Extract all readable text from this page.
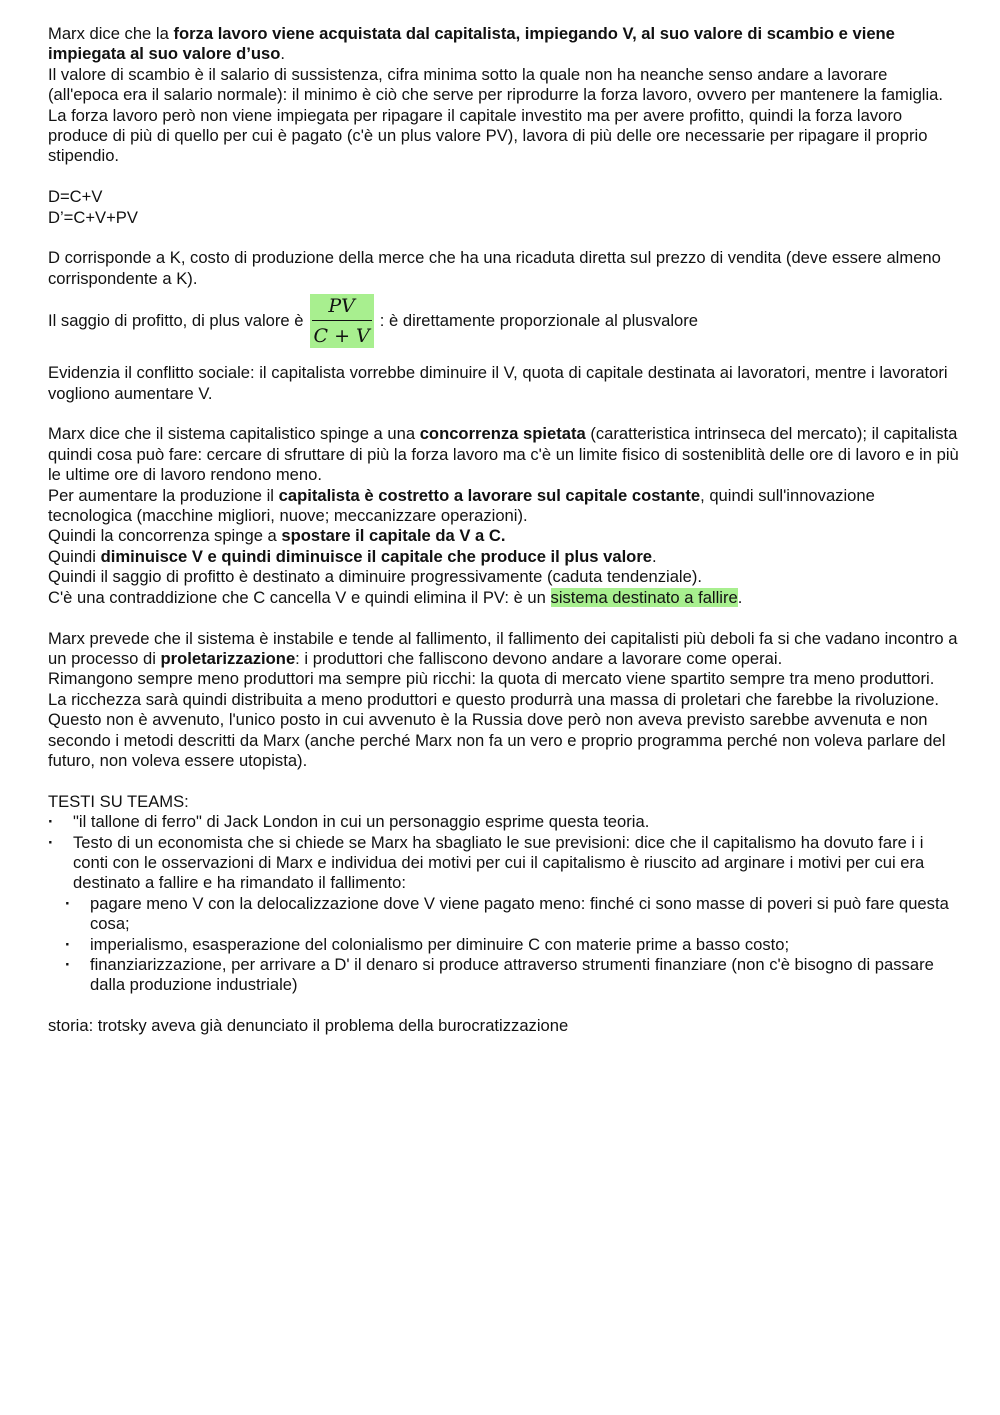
Marx dice che la forza lavoro viene acquistata dal capitalista, impiegando V, al suo valore di scambio e viene impiegata al suo valore d’uso.

Il valore di scambio è il salario di sussistenza, cifra minima sotto la quale non ha neanche senso andare a lavorare (all'epoca era il salario normale): il minimo è ciò che serve per riprodurre la forza lavoro, ovvero per mantenere la famiglia.

La forza lavoro però non viene impiegata per ripagare il capitale investito ma per avere profitto, quindi la forza lavoro produce di più di quello per cui è pagato (c'è un plus valore PV), lavora di più delle ore necessarie per ripagare il proprio stipendio.

D=C+V

D’=C+V+PV

D corrisponde a K, costo di produzione della merce che ha una ricaduta diretta sul prezzo di vendita (deve essere almeno corrispondente a K).

Il saggio di profitto, di plus valore è $\frac{PV}{C + V}$ : è direttamente proporzionale al plusvalore

Evidenzia il conflitto sociale: il capitalista vorrebbe diminuire il V, quota di capitale destinata ai lavoratori, mentre i lavoratori vogliono aumentare V.

Marx dice che il sistema capitalistico spinge a una concorrenza spietata (caratteristica intrinseca del mercato); il capitalista quindi cosa può fare: cercare di sfruttare di più la forza lavoro ma c'è un limite fisico di sosteniblità delle ore di lavoro e in più le ultime ore di lavoro rendono meno.

Per aumentare la produzione il capitalista è costretto a lavorare sul capitale costante, quindi sull'innovazione tecnologica (macchine migliori, nuove; meccanizzare operazioni).

Quindi la concorrenza spinge a spostare il capitale da V a C.

Quindi diminuisce V e quindi diminuisce il capitale che produce il plus valore.

Quindi il saggio di profitto è destinato a diminuire progressivamente (caduta tendenziale).

C'è una contraddizione che C cancella V e quindi elimina il PV: è un sistema destinato a fallire.

Marx prevede che il sistema è instabile e tende al fallimento, il fallimento dei capitalisti più deboli fa si che vadano incontro a un processo di proletarizzazione: i produttori che falliscono devono andare a lavorare come operai.

Rimangono sempre meno produttori ma sempre più ricchi: la quota di mercato viene spartito sempre tra meno produttori.

La ricchezza sarà quindi distribuita a meno produttori e questo produrrà una massa di proletari che farebbe la rivoluzione.

Questo non è avvenuto, l'unico posto in cui avvenuto è la Russia dove però non aveva previsto sarebbe avvenuta e non secondo i metodi descritti da Marx (anche perché Marx non fa un vero e proprio programma perché non voleva parlare del futuro, non voleva essere utopista).

TESTI SU TEAMS:

· "il tallone di ferro" di Jack London in cui un personaggio esprime questa teoria.
· Testo di un economista che si chiede se Marx ha sbagliato le sue previsioni: dice che il capitalismo ha dovuto fare i i conti con le osservazioni di Marx e individua dei motivi per cui il capitalismo è riuscito ad arginare i motivi per cui era destinato a fallire e ha rimandato il fallimento:
· pagare meno V con la delocalizzazione dove V viene pagato meno: finché ci sono masse di poveri si può fare questa cosa;
· imperialismo, esasperazione del colonialismo per diminuire C con materie prime a basso costo;
· finanziarizzazione, per arrivare a D' il denaro si produce attraverso strumenti finanziare (non c'è bisogno di passare dalla produzione industriale)

storia: trotsky aveva già denunciato il problema della burocratizzazione
